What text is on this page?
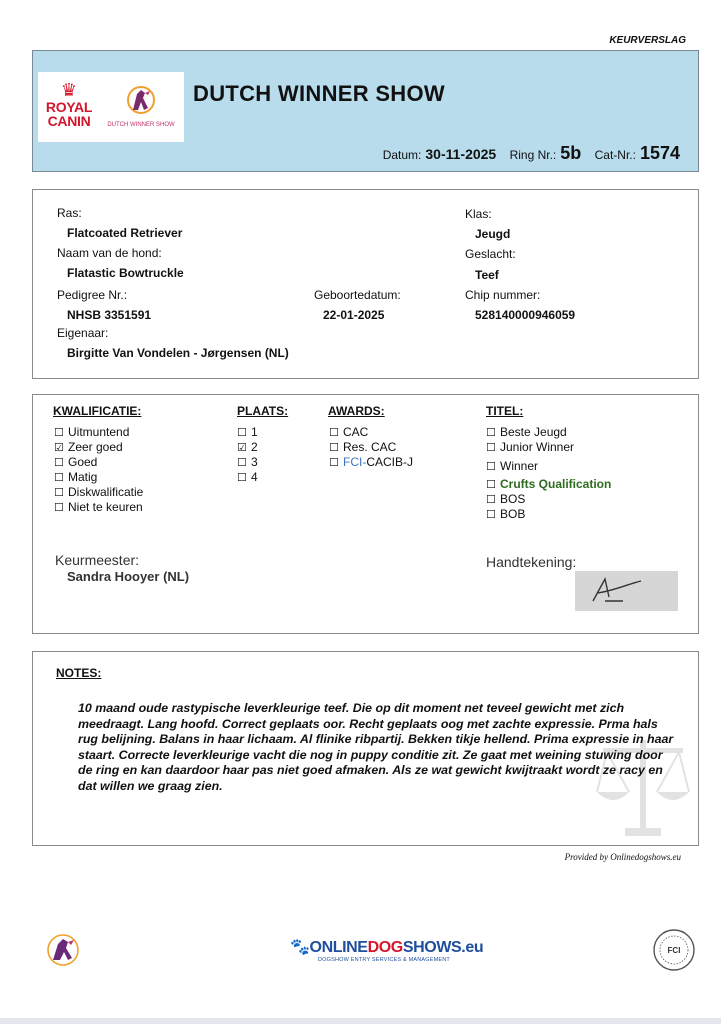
KEURVERSLAG
♛
ROYAL
CANIN	DUTCH WINNER SHOW
DUTCH WINNER SHOW
Datum: 30-11-2025 Ring Nr.: 5b Cat-Nr.: 1574
Ras:
Flatcoated Retriever
Naam van de hond:
Flatastic Bowtruckle
Pedigree Nr.:
NHSB 3351591
Geboortedatum:
22-01-2025
Eigenaar:
Birgitte Van Vondelen - Jørgensen (NL)
Klas:
Jeugd
Geslacht:
Teef
Chip nummer:
528140000946059
KWALIFICATIE:
☐ Uitmuntend
☑ Zeer goed
☐ Goed
☐ Matig
☐ Diskwalificatie
☐ Niet te keuren
PLAATS:
☐ 1
☑ 2
☐ 3
☐ 4
AWARDS:
☐ CAC
☐ Res. CAC
☐ FCI-CACIB-J
TITEL:
☐ Beste Jeugd
☐ Junior Winner
☐ Winner
☐ Crufts Qualification
☐ BOS
☐ BOB
Keurmeester:
Sandra Hooyer (NL)
Handtekening:
NOTES:
10 maand oude rastypische leverkleurige teef. Die op dit moment net teveel gewicht met zich meedraagt. Lang hoofd. Correct geplaats oor. Recht geplaats oog met zachte expressie. Prma hals rug belijning. Balans in haar lichaam. Al flinike ribpartij. Bekken tikje hellend. Prima expressie in haar staart. Correcte leverkleurige vacht die nog in puppy conditie zit. Ze gaat met weining stuwing door de ring en kan daardoor haar pas niet goed afmaken. Als ze wat gewicht kwijtraakt wordt ze racy en dat willen we graag zien.
Provided by Onlinedogshows.eu
🐾ONLINEDOGSHOWS.eu
DOGSHOW ENTRY SERVICES & MANAGEMENT
FCI
